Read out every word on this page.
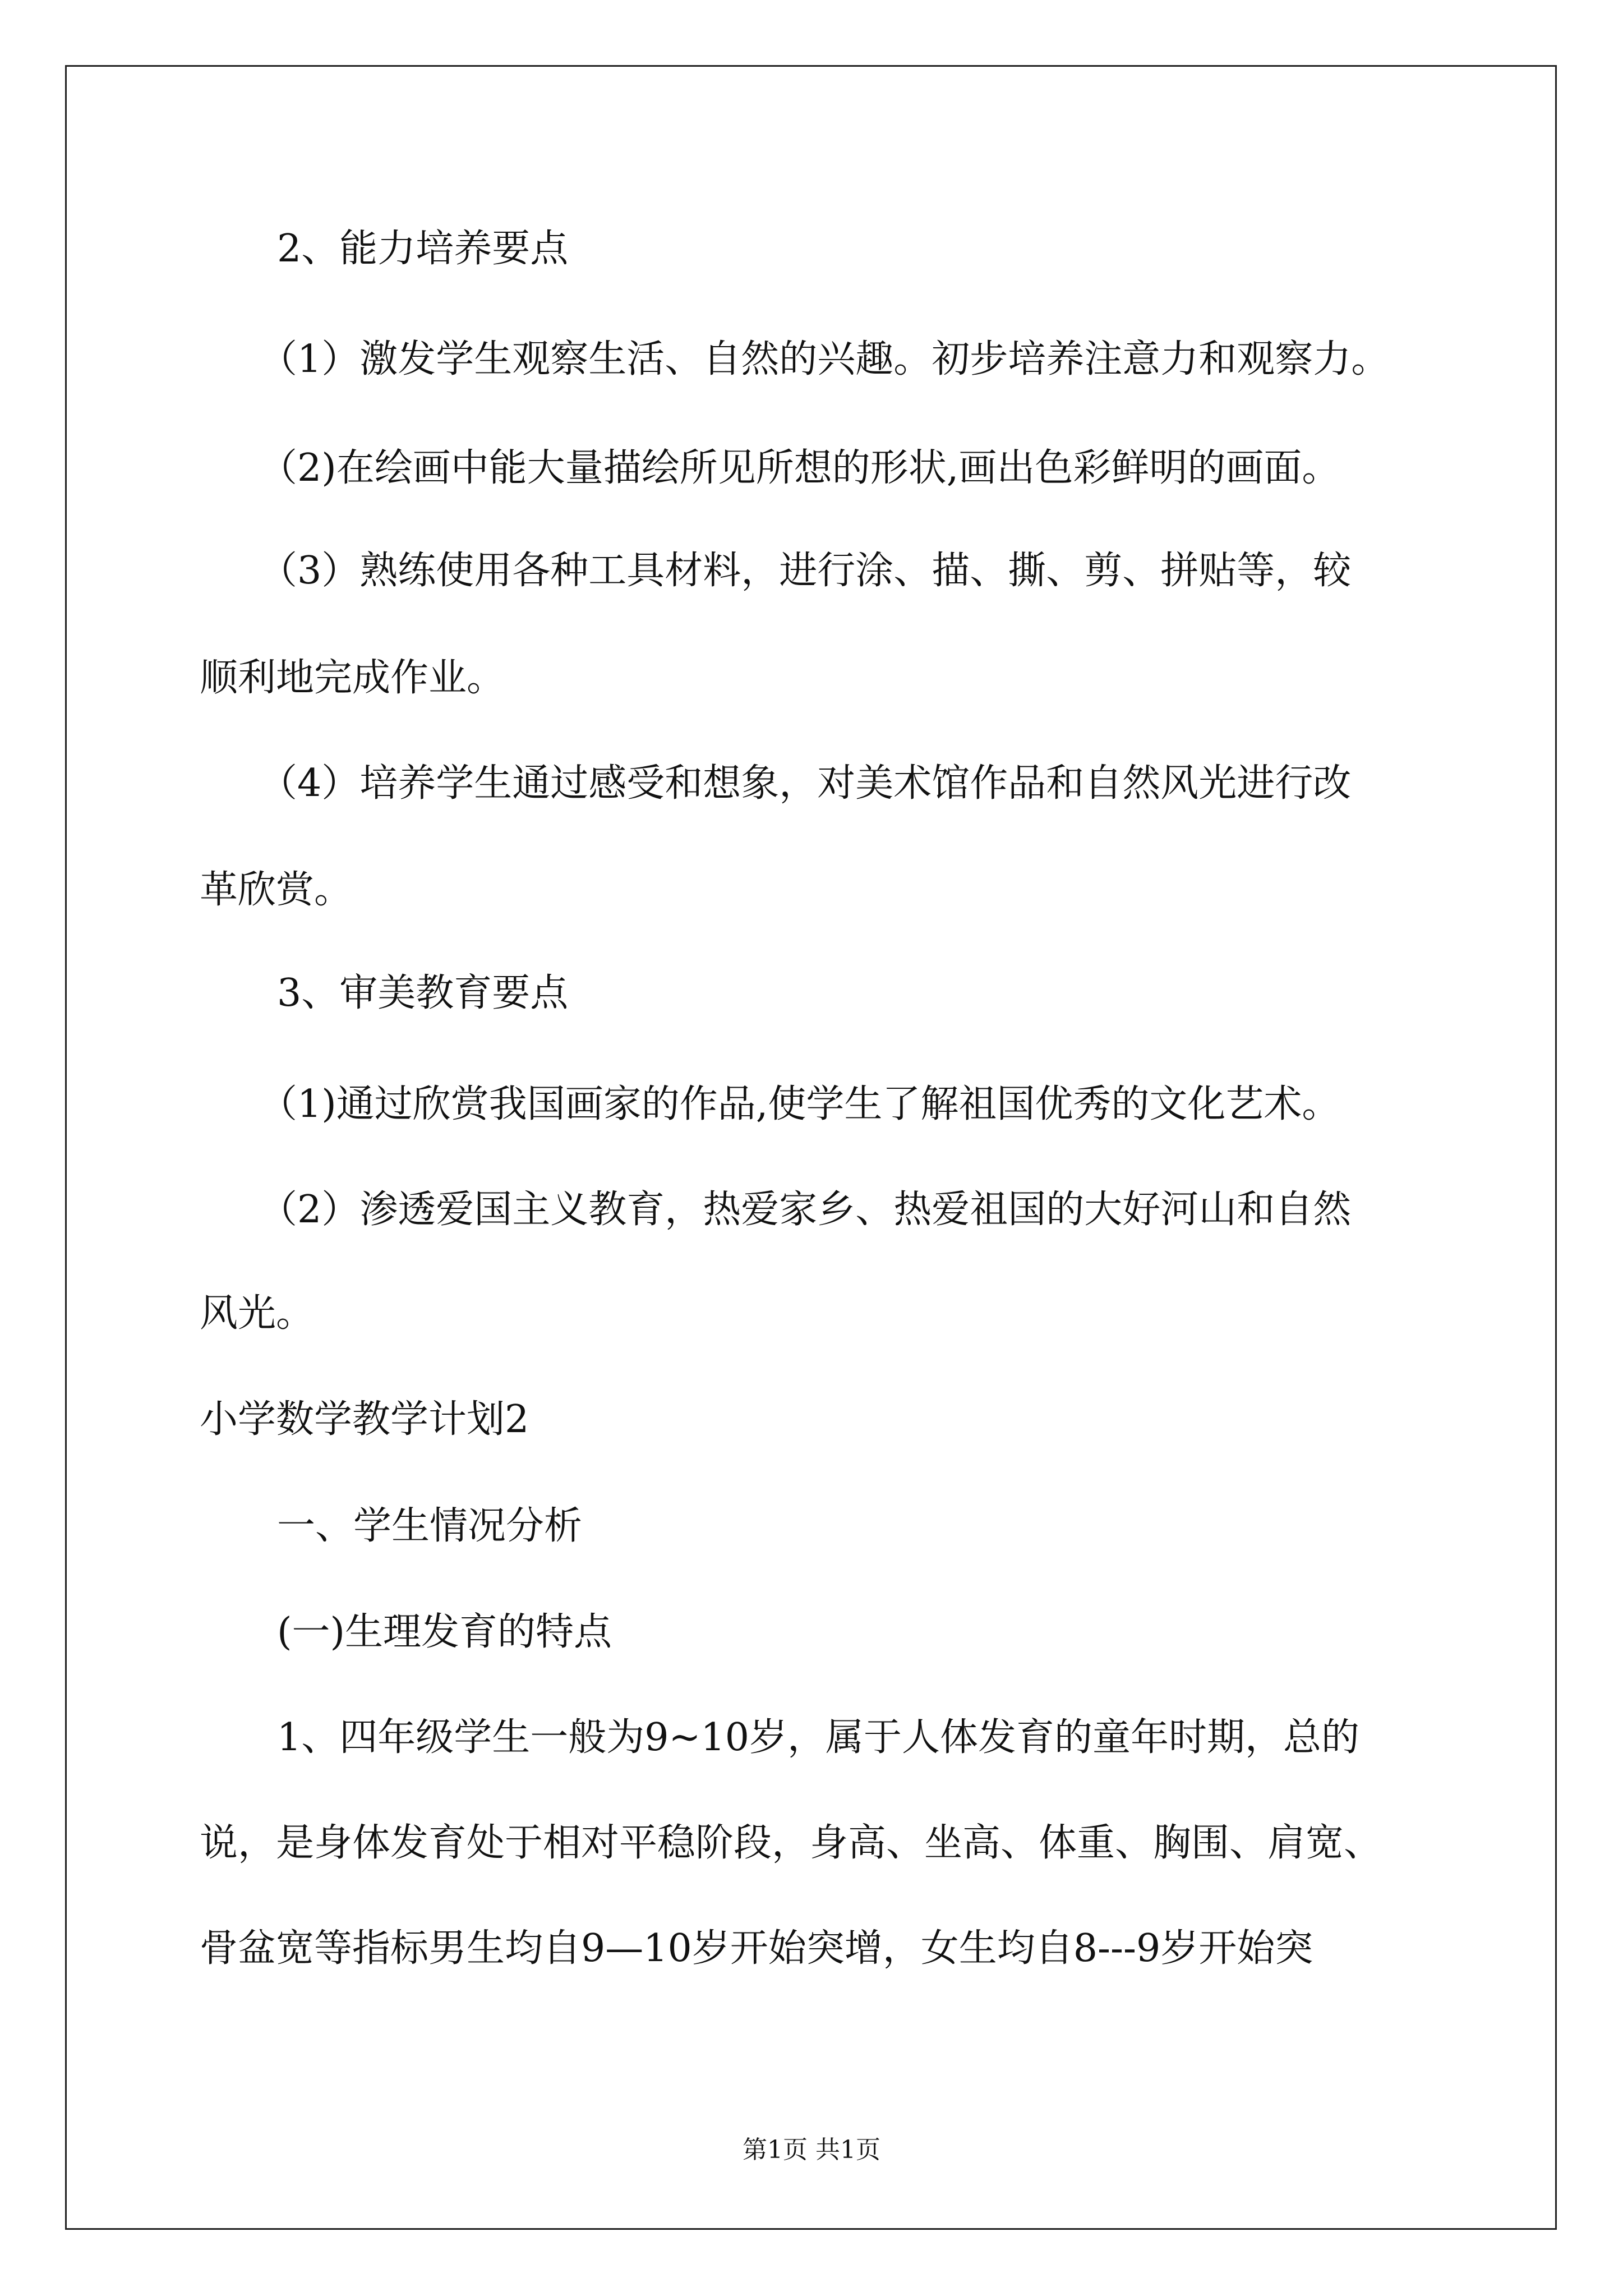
2、能力培养要点

（1）激发学生观察生活、自然的兴趣。初步培养注意力和观察力。

（2)在绘画中能大量描绘所见所想的形状,画出色彩鲜明的画面。

（3）熟练使用各种工具材料，进行涂、描、撕、剪、拼贴等，较

顺利地完成作业。

（4）培养学生通过感受和想象，对美术馆作品和自然风光进行改

革欣赏。

3、审美教育要点

（1)通过欣赏我国画家的作品,使学生了解祖国优秀的文化艺术。

（2）渗透爱国主义教育，热爱家乡、热爱祖国的大好河山和自然

风光。

小学数学教学计划2

一、学生情况分析

(一)生理发育的特点

1、四年级学生一般为9~10岁，属于人体发育的童年时期，总的

说，是身体发育处于相对平稳阶段，身高、坐高、体重、胸围、肩宽、

骨盆宽等指标男生均自9—10岁开始突增，女生均自8---9岁开始突

第1页 共1页
